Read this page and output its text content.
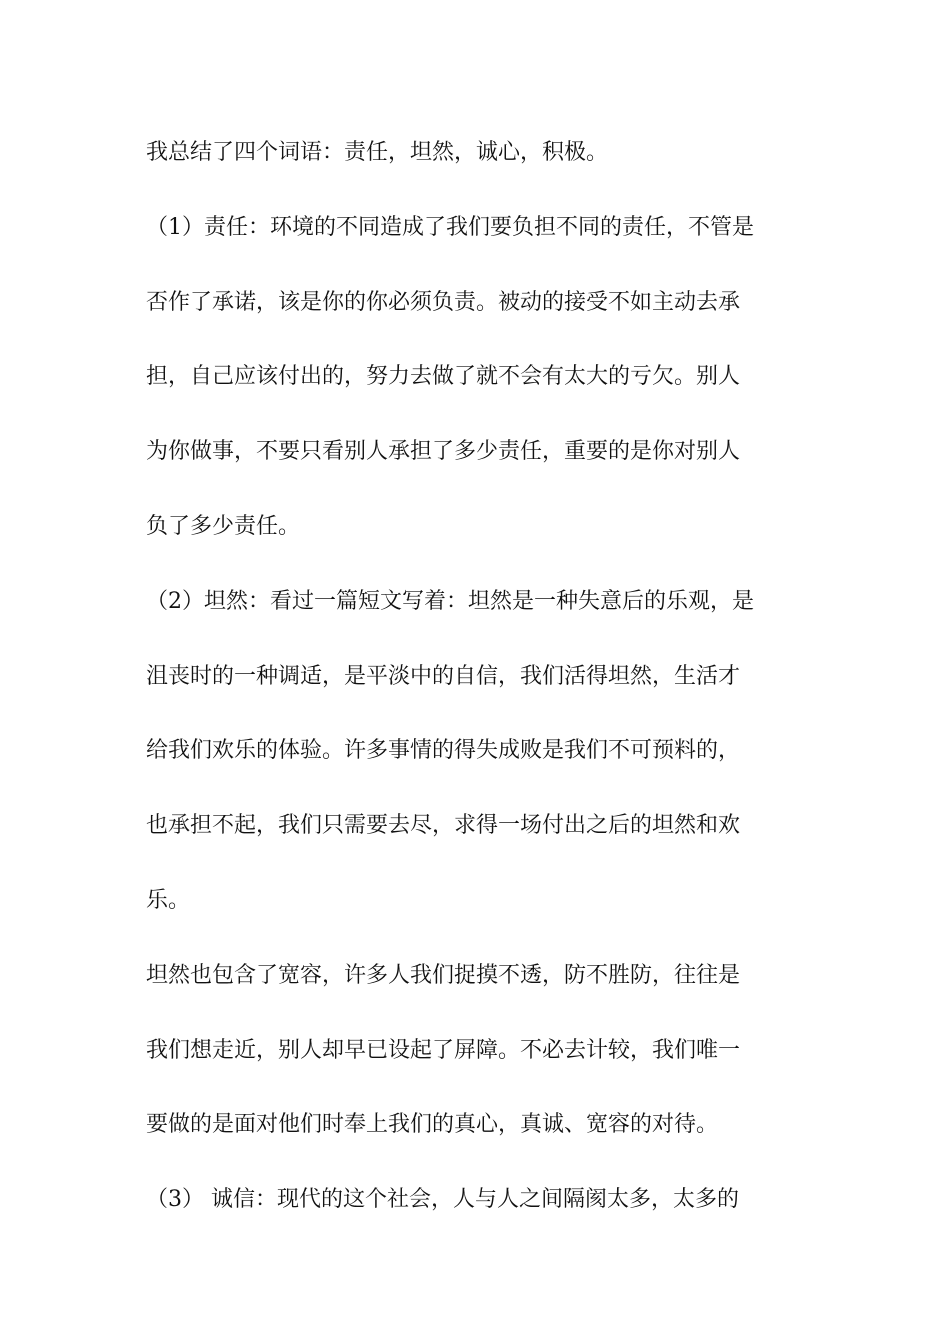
我总结了四个词语：责任，坦然，诚心，积极。
（1）责任：环境的不同造成了我们要负担不同的责任，不管是
否作了承诺，该是你的你必须负责。被动的接受不如主动去承
担，自己应该付出的，努力去做了就不会有太大的亏欠。别人
为你做事，不要只看别人承担了多少责任，重要的是你对别人
负了多少责任。
（2）坦然：看过一篇短文写着：坦然是一种失意后的乐观，是
沮丧时的一种调适，是平淡中的自信，我们活得坦然，生活才
给我们欢乐的体验。许多事情的得失成败是我们不可预料的，
也承担不起，我们只需要去尽，求得一场付出之后的坦然和欢
乐。
坦然也包含了宽容，许多人我们捉摸不透，防不胜防，往往是
我们想走近，别人却早已设起了屏障。不必去计较，我们唯一
要做的是面对他们时奉上我们的真心，真诚、宽容的对待。
（3） 诚信：现代的这个社会，人与人之间隔阂太多，太多的
